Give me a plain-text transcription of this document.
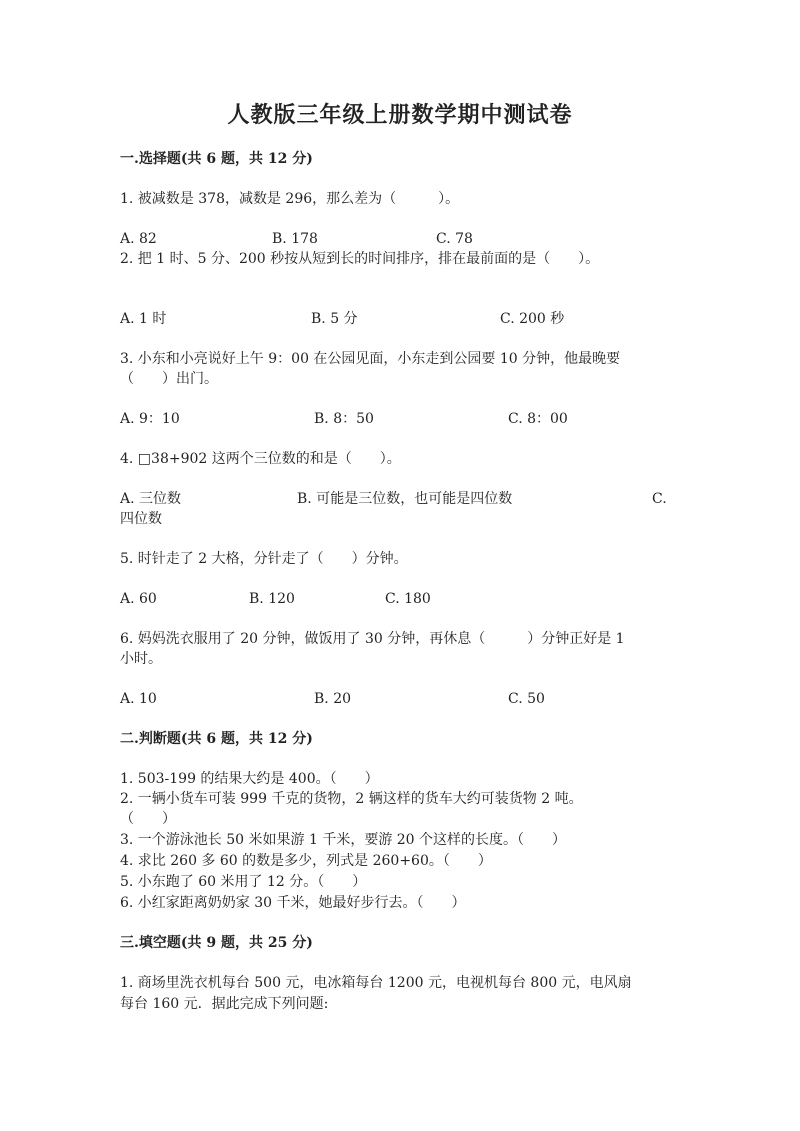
人教版三年级上册数学期中测试卷
一.选择题(共 6 题，共 12 分)
1. 被减数是 378，减数是 296，那么差为（　　　）。
A. 82	B. 178	C. 78
2. 把 1 时、5 分、200 秒按从短到长的时间排序，排在最前面的是（　　）。
A. 1 时	B. 5 分	C. 200 秒
3. 小东和小亮说好上午 9：00 在公园见面，小东走到公园要 10 分钟，他最晚要
（　　）出门。
A. 9：10	B. 8：50	C. 8：00
4. □38+902 这两个三位数的和是（　　）。
A. 三位数	B. 可能是三位数，也可能是四位数	C.
四位数
5. 时针走了 2 大格，分针走了（　　）分钟。
A. 60	B. 120	C. 180
6. 妈妈洗衣服用了 20 分钟，做饭用了 30 分钟，再休息（　　　）分钟正好是 1
小时。
A. 10	B. 20	C. 50
二.判断题(共 6 题，共 12 分)
1. 503-199 的结果大约是 400。（　　）
2. 一辆小货车可装 999 千克的货物，2 辆这样的货车大约可装货物 2 吨。
（　　）
3. 一个游泳池长 50 米如果游 1 千米，要游 20 个这样的长度。（　　）
4. 求比 260 多 60 的数是多少，列式是 260+60。（　　）
5. 小东跑了 60 米用了 12 分。（　　）
6. 小红家距离奶奶家 30 千米，她最好步行去。（　　）
三.填空题(共 9 题，共 25 分)
1. 商场里洗衣机每台 500 元，电冰箱每台 1200 元，电视机每台 800 元，电风扇
每台 160 元．据此完成下列问题:
